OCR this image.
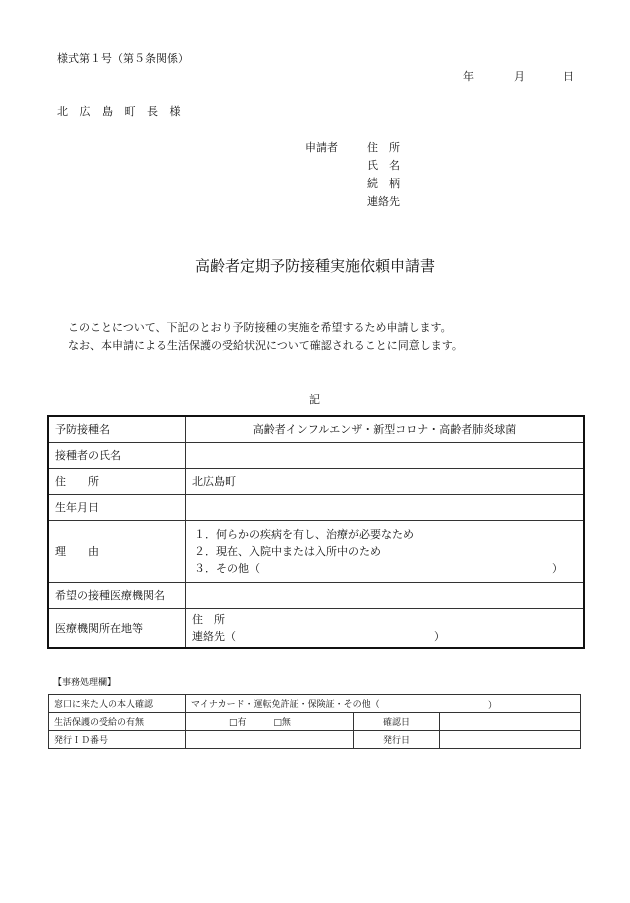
様式第１号（第５条関係）
年	月	日
北 広 島 町 長 様
申請者	住　所
氏　名
続　柄
連絡先
高齢者定期予防接種実施依頼申請書
このことについて、下記のとおり予防接種の実施を希望するため申請します。
なお、本申請による生活保護の受給状況について確認されることに同意します。
記
予防接種名	高齢者インフルエンザ・新型コロナ・高齢者肺炎球菌
接種者の氏名	
住　　所	北広島町
生年月日	
理　　由	１．何らかの疾病を有し、治療が必要なため
２．現在、入院中または入所中のため
３．その他（ ）

希望の接種医療機関名	
医療機関所在地等	住　所
連絡先（ ）
【事務処理欄】
窓口に来た人の本人確認	マイナカード・運転免許証・保険証・その他（ ）		

生活保護の受給の有無	□有 □無	確認日	
発行ＩＤ番号		発行日	
